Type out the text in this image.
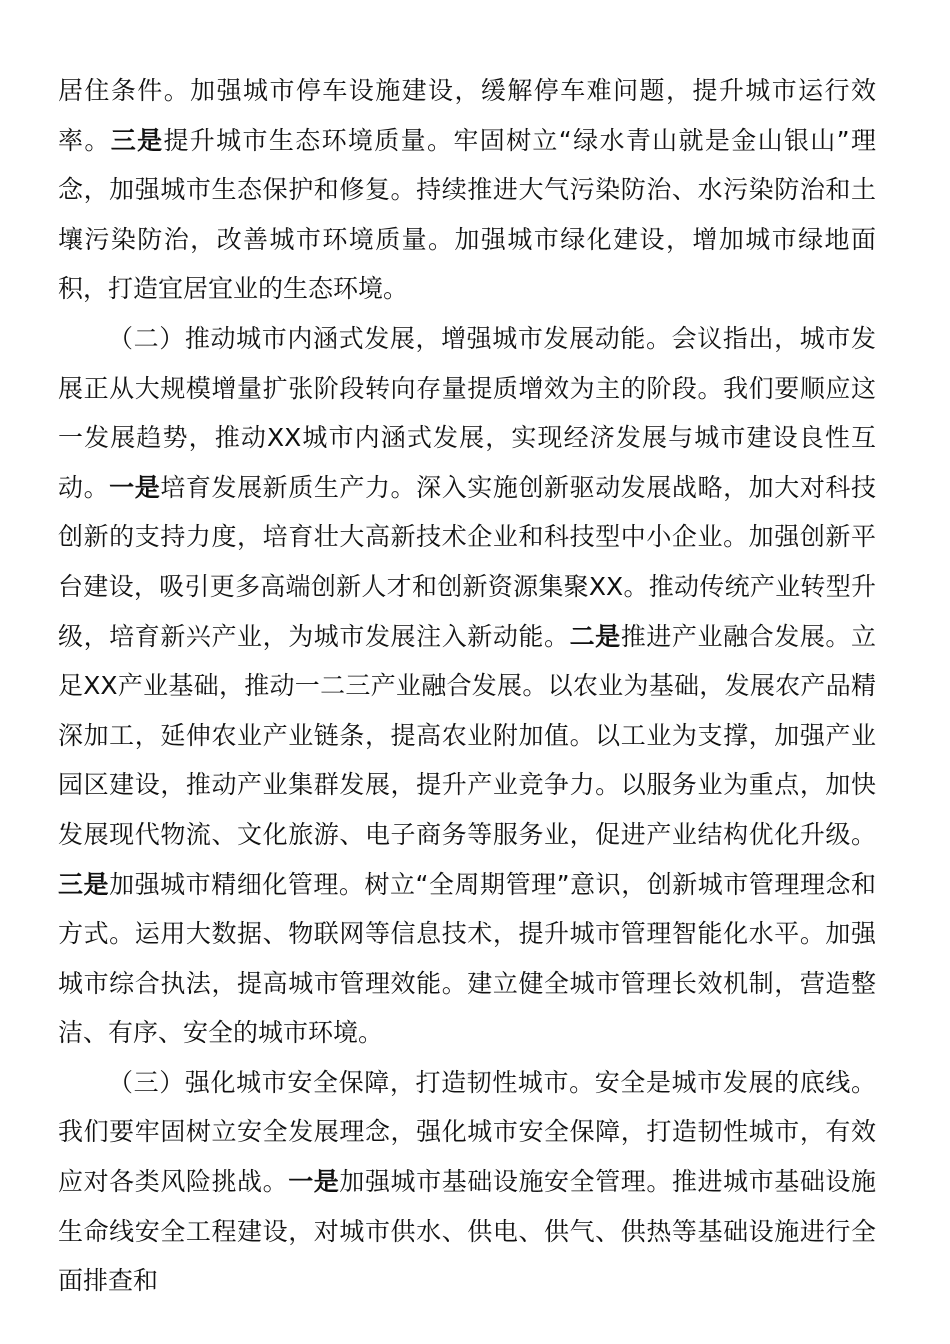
居住条件。加强城市停车设施建设，缓解停车难问题，提升城市运行效率。三是提升城市生态环境质量。牢固树立“绿水青山就是金山银山”理念，加强城市生态保护和修复。持续推进大气污染防治、水污染防治和土壤污染防治，改善城市环境质量。加强城市绿化建设，增加城市绿地面积，打造宜居宜业的生态环境。

（二）推动城市内涵式发展，增强城市发展动能。会议指出，城市发展正从大规模增量扩张阶段转向存量提质增效为主的阶段。我们要顺应这一发展趋势，推动XX城市内涵式发展，实现经济发展与城市建设良性互动。一是培育发展新质生产力。深入实施创新驱动发展战略，加大对科技创新的支持力度，培育壮大高新技术企业和科技型中小企业。加强创新平台建设，吸引更多高端创新人才和创新资源集聚XX。推动传统产业转型升级，培育新兴产业，为城市发展注入新动能。二是推进产业融合发展。立足XX产业基础，推动一二三产业融合发展。以农业为基础，发展农产品精深加工，延伸农业产业链条，提高农业附加值。以工业为支撑，加强产业园区建设，推动产业集群发展，提升产业竞争力。以服务业为重点，加快发展现代物流、文化旅游、电子商务等服务业，促进产业结构优化升级。三是加强城市精细化管理。树立“全周期管理”意识，创新城市管理理念和方式。运用大数据、物联网等信息技术，提升城市管理智能化水平。加强城市综合执法，提高城市管理效能。建立健全城市管理长效机制，营造整洁、有序、安全的城市环境。

（三）强化城市安全保障，打造韧性城市。安全是城市发展的底线。我们要牢固树立安全发展理念，强化城市安全保障，打造韧性城市，有效应对各类风险挑战。一是加强城市基础设施安全管理。推进城市基础设施生命线安全工程建设，对城市供水、供电、供气、供热等基础设施进行全面排查和
